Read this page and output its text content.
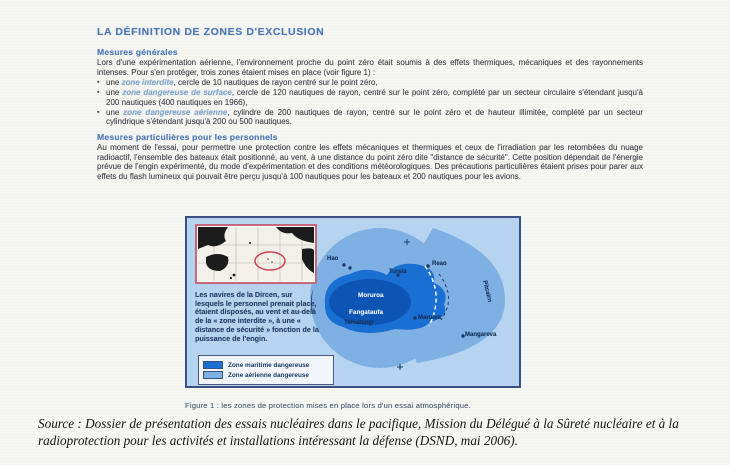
LA DÉFINITION DE ZONES D'EXCLUSION
Mesures générales

Lors d'une expérimentation aérienne, l'environnement proche du point zéro était soumis à des effets thermiques, mécaniques et des rayonnements intenses. Pour s'en protéger, trois zones étaient mises en place (voir figure 1) :

▪ une zone interdite, cercle de 10 nautiques de rayon centré sur le point zéro,
▪ une zone dangereuse de surface, cercle de 120 nautiques de rayon, centré sur le point zéro, complété par un secteur circulaire s'étendant jusqu'à 200 nautiques (400 nautiques en 1966),
▪ une zone dangereuse aérienne, cylindre de 200 nautiques de rayon, centré sur le point zéro et de hauteur illimitée, complété par un secteur cylindrique s'étendant jusqu'à 200 ou 500 nautiques.
Mesures particulières pour les personnels

Au moment de l'essai, pour permettre une protection contre les effets mécaniques et thermiques et ceux de l'irradiation par les retombées du nuage radioactif, l'ensemble des bateaux était positionné, au vent, à une distance du point zéro dite "distance de sécurité". Cette position dépendait de l'énergie prévue de l'engin expérimenté, du mode d'expérimentation et des conditions météorologiques. Des précautions particulières étaient prises pour parer aux effets du flash lumineux qui pouvait être perçu jusqu'à 100 nautiques pour les bateaux et 200 nautiques pour les avions.

Les navires de la Dircen, sur lesquels le personnel prenait place, étaient disposés, au vent et au-delà de la « zone interdite », à une « distance de sécurité » fonction de la puissance de l'engin.
Zone maritime dangereuse
Zone aérienne dangereuse
Hao
Tureia
Reao
Moruroa
Fangataufa
Tematangi
Marutea
Mangareva
Pitcairn
Figure 1 : les zones de protection mises en place lors d'un essai atmosphérique.
Source : Dossier de présentation des essais nucléaires dans le pacifique, Mission du Délégué à la Sûreté nucléaire et à la radioprotection pour les activités et installations intéressant la défense (DSND, mai 2006).
